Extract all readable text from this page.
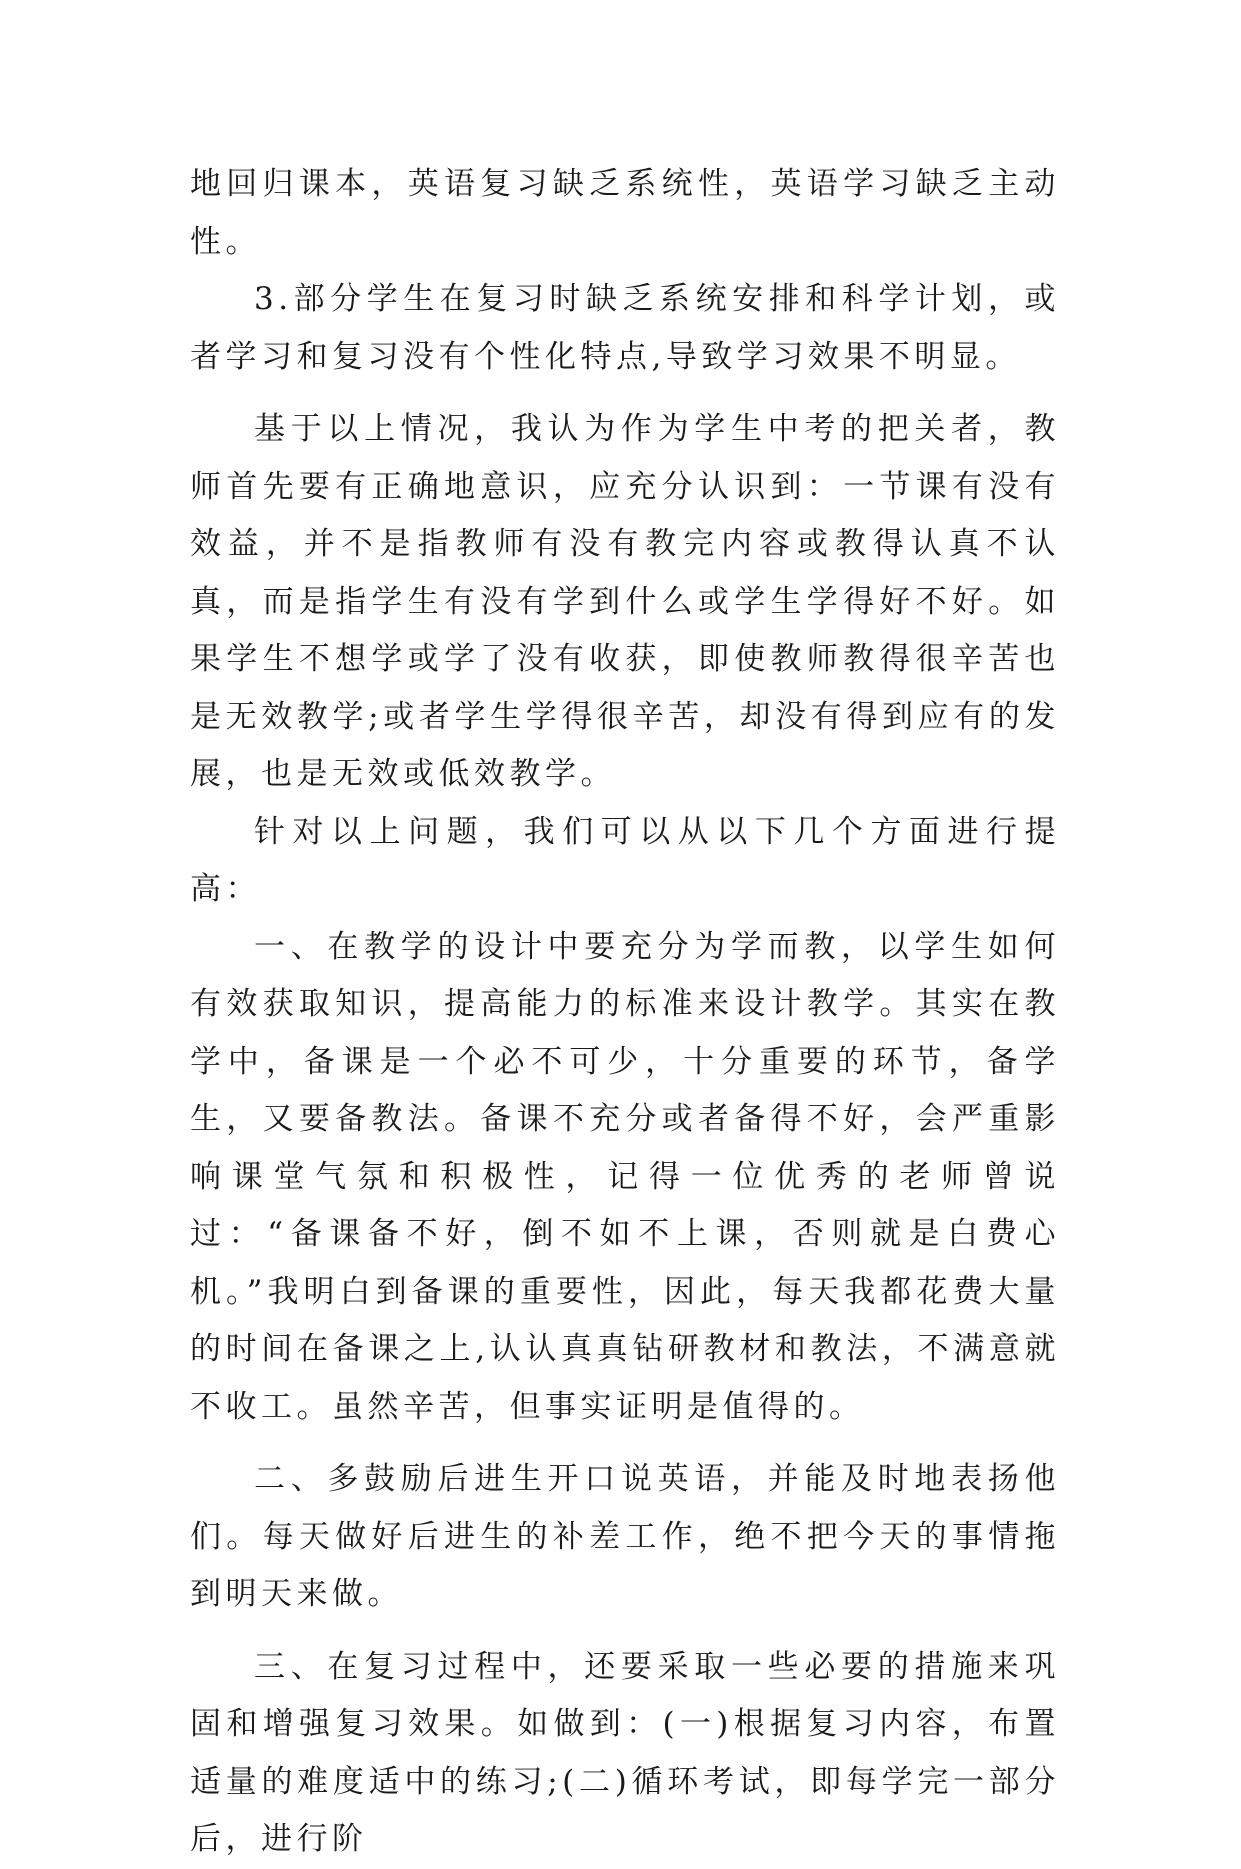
地回归课本，英语复习缺乏系统性，英语学习缺乏主动性。

3.部分学生在复习时缺乏系统安排和科学计划，或者学习和复习没有个性化特点,导致学习效果不明显。

基于以上情况，我认为作为学生中考的把关者，教师首先要有正确地意识，应充分认识到：一节课有没有效益，并不是指教师有没有教完内容或教得认真不认真，而是指学生有没有学到什么或学生学得好不好。如果学生不想学或学了没有收获，即使教师教得很辛苦也是无效教学;或者学生学得很辛苦，却没有得到应有的发展，也是无效或低效教学。

针对以上问题，我们可以从以下几个方面进行提高：

一、在教学的设计中要充分为学而教，以学生如何有效获取知识，提高能力的标准来设计教学。其实在教学中，备课是一个必不可少，十分重要的环节，备学生，又要备教法。备课不充分或者备得不好，会严重影响课堂气氛和积极性，记得一位优秀的老师曾说过：“备课备不好，倒不如不上课，否则就是白费心机。”我明白到备课的重要性，因此，每天我都花费大量的时间在备课之上,认认真真钻研教材和教法，不满意就不收工。虽然辛苦，但事实证明是值得的。

二、多鼓励后进生开口说英语，并能及时地表扬他们。每天做好后进生的补差工作，绝不把今天的事情拖到明天来做。

三、在复习过程中，还要采取一些必要的措施来巩固和增强复习效果。如做到：(一)根据复习内容，布置适量的难度适中的练习;(二)循环考试，即每学完一部分后，进行阶
